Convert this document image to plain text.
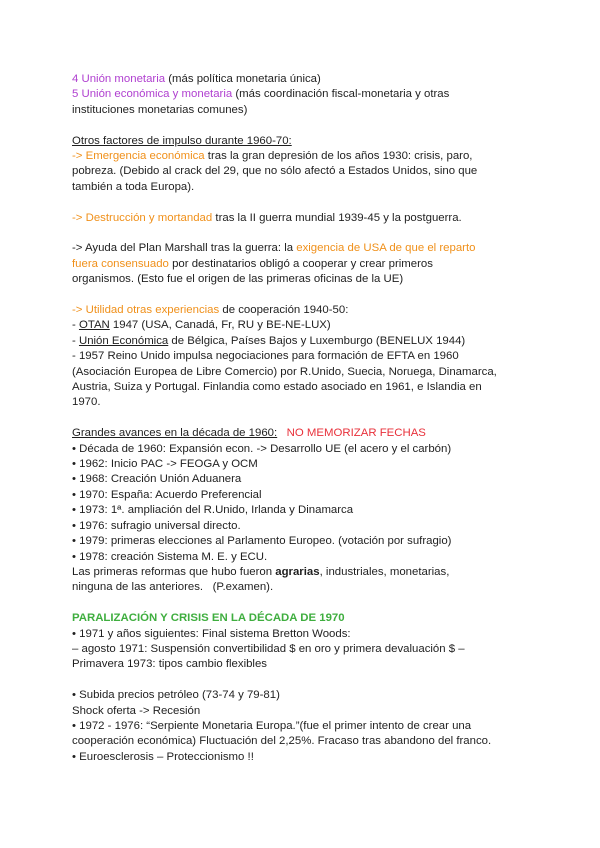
4 Unión monetaria (más política monetaria única)
5 Unión económica y monetaria (más coordinación fiscal-monetaria y otras
instituciones monetarias comunes)
Otros factores de impulso durante 1960-70:
-> Emergencia económica tras la gran depresión de los años 1930: crisis, paro,
pobreza. (Debido al crack del 29, que no sólo afectó a Estados Unidos, sino que
también a toda Europa).
-> Destrucción y mortandad tras la II guerra mundial 1939-45 y la postguerra.
-> Ayuda del Plan Marshall tras la guerra: la exigencia de USA de que el reparto
fuera consensuado por destinatarios obligó a cooperar y crear primeros
organismos. (Esto fue el origen de las primeras oficinas de la UE)
-> Utilidad otras experiencias de cooperación 1940-50:
- OTAN 1947 (USA, Canadá, Fr, RU y BE-NE-LUX)
- Unión Económica de Bélgica, Países Bajos y Luxemburgo (BENELUX 1944)
- 1957 Reino Unido impulsa negociaciones para formación de EFTA en 1960
(Asociación Europea de Libre Comercio) por R.Unido, Suecia, Noruega, Dinamarca,
Austria, Suiza y Portugal. Finlandia como estado asociado en 1961, e Islandia en
1970.
Grandes avances en la década de 1960:   NO MEMORIZAR FECHAS
• Década de 1960: Expansión econ. -> Desarrollo UE (el acero y el carbón)
• 1962: Inicio PAC -> FEOGA y OCM
• 1968: Creación Unión Aduanera
• 1970: España: Acuerdo Preferencial
• 1973: 1ª. ampliación del R.Unido, Irlanda y Dinamarca
• 1976: sufragio universal directo.
• 1979: primeras elecciones al Parlamento Europeo. (votación por sufragio)
• 1978: creación Sistema M. E. y ECU.
Las primeras reformas que hubo fueron agrarias, industriales, monetarias,
ninguna de las anteriores.   (P.examen).
PARALIZACIÓN Y CRISIS EN LA DÉCADA DE 1970
• 1971 y años siguientes: Final sistema Bretton Woods:
– agosto 1971: Suspensión convertibilidad $ en oro y primera devaluación $ –
Primavera 1973: tipos cambio flexibles
• Subida precios petróleo (73-74 y 79-81)
Shock oferta -> Recesión
• 1972 - 1976: “Serpiente Monetaria Europa.”(fue el primer intento de crear una
cooperación económica) Fluctuación del 2,25%. Fracaso tras abandono del franco.
• Euroesclerosis – Proteccionismo !!
